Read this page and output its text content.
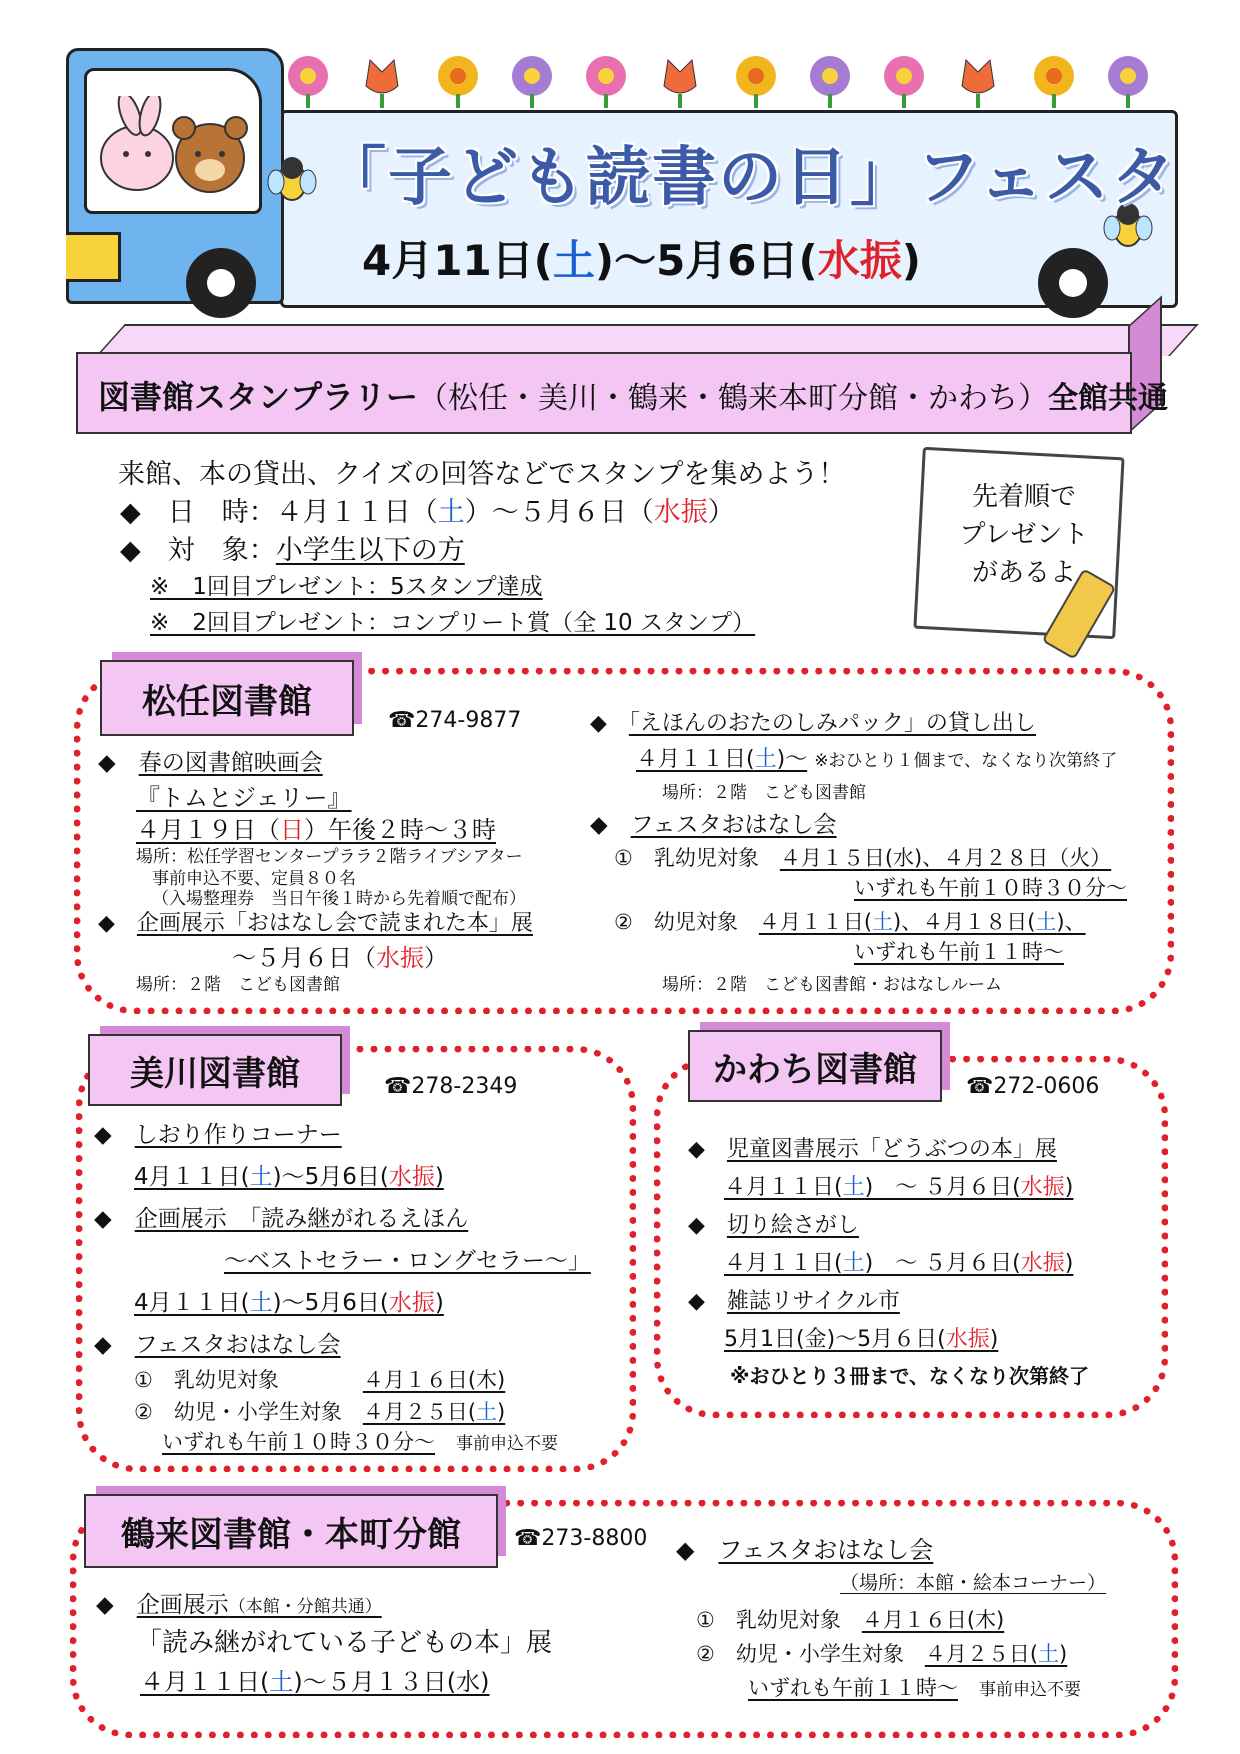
「子ども読書の日」フェスタ
4月11日(土)〜5月6日(水振)
図書館スタンプラリー（松任・美川・鶴来・鶴来本町分館・かわち）全館共通
来館、本の貸出、クイズの回答などでスタンプを集めよう！
◆　日　時：４月１１日（土）〜５月６日（水振）
◆　対　象：小学生以下の方
※　1回目プレゼント：5スタンプ達成
※　2回目プレゼント：コンプリート賞（全 10 スタンプ）
先着順で
プレゼント
があるよ
松任図書館	☎274-9877
◆　春の図書館映画会
『トムとジェリー』
４月１９日（日）午後２時〜３時
場所：松任学習センタープララ２階ライブシアター
事前申込不要、定員８０名
（入場整理券　当日午後１時から先着順で配布）
◆　企画展示「おはなし会で読まれた本」展
〜５月６日（水振）
場所：２階　こども図書館
◆　「えほんのおたのしみパック」の貸し出し
４月１１日(土)〜 ※おひとり１個まで、なくなり次第終了
場所：２階　こども図書館
◆　フェスタおはなし会
①　乳幼児対象　 ４月１５日(水)、４月２８日（火）
いずれも午前１０時３０分〜
②　幼児対象　 ４月１１日(土)、４月１８日(土)、
いずれも午前１１時〜
場所：２階　こども図書館・おはなしルーム
美川図書館	☎278-2349
◆　しおり作りコーナー
4月１１日(土)〜5月6日(水振)
◆　企画展示　「読み継がれるえほん
〜ベストセラー・ロングセラー〜」
4月１１日(土)〜5月6日(水振)
◆　フェスタおはなし会
①　乳幼児対象　　　　	４月１６日(木)
②　幼児・小学生対象　 ４月２５日(土)
いずれも午前１０時３０分〜　 事前申込不要
かわち図書館	☎272-0606
◆　児童図書展示「どうぶつの本」展
４月１１日(土)　〜 ５月６日(水振)
◆　切り絵さがし
４月１１日(土)　〜 ５月６日(水振)
◆　雑誌リサイクル市
5月1日(金)〜5月６日(水振)
※おひとり３冊まで、なくなり次第終了
鶴来図書館・本町分館	☎273-8800
◆　企画展示（本館・分館共通）
「読み継がれている子どもの本」展
４月１１日(土)〜５月１３日(水)
◆　フェスタおはなし会
（場所：本館・絵本コーナー）
①　乳幼児対象　 ４月１６日(木)
②　幼児・小学生対象　 ４月２５日(土)
いずれも午前１１時〜　 事前申込不要
